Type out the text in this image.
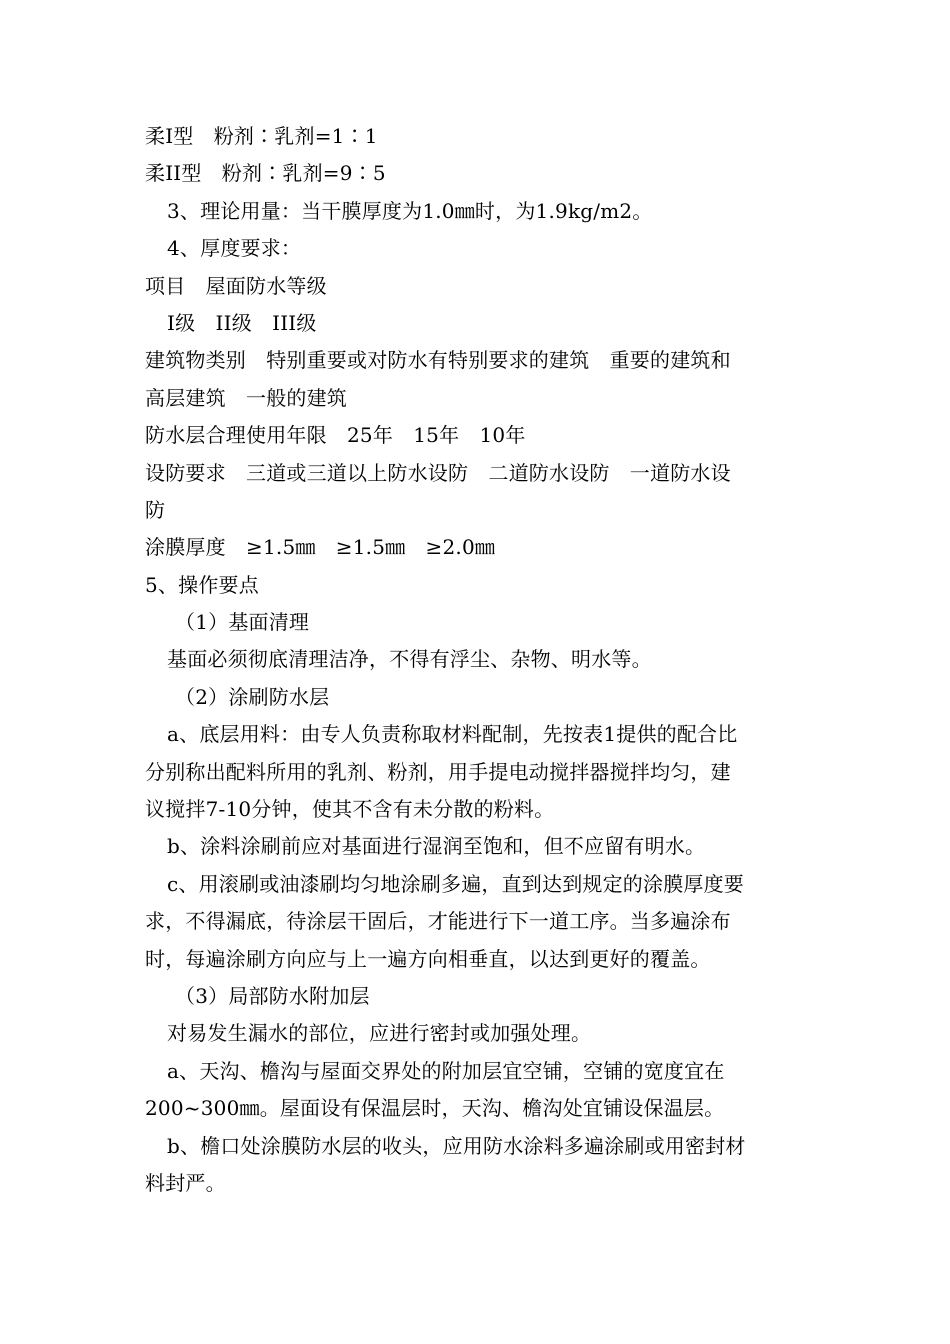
柔Ⅰ型　粉剂∶乳剂=1∶1
柔ⅠI型　粉剂∶乳剂=9∶5
3、理论用量：当干膜厚度为1.0㎜时，为1.9kg/m2。
4、厚度要求：
项目　屋面防水等级
Ⅰ级　ⅠI级　ⅠII级
建筑物类别　特别重要或对防水有特别要求的建筑　重要的建筑和
高层建筑　一般的建筑
防水层合理使用年限　25年　15年　10年
设防要求　三道或三道以上防水设防　二道防水设防　一道防水设
防
涂膜厚度　≥1.5㎜　≥1.5㎜　≥2.0㎜
5、操作要点
（1）基面清理
基面必须彻底清理洁净，不得有浮尘、杂物、明水等。
（2）涂刷防水层
a、底层用料：由专人负责称取材料配制，先按表1提供的配合比
分别称出配料所用的乳剂、粉剂，用手提电动搅拌器搅拌均匀，建
议搅拌7-10分钟，使其不含有未分散的粉料。
b、涂料涂刷前应对基面进行湿润至饱和，但不应留有明水。
c、用滚刷或油漆刷均匀地涂刷多遍，直到达到规定的涂膜厚度要
求，不得漏底，待涂层干固后，才能进行下一道工序。当多遍涂布
时，每遍涂刷方向应与上一遍方向相垂直，以达到更好的覆盖。
（3）局部防水附加层
对易发生漏水的部位，应进行密封或加强处理。
a、天沟、檐沟与屋面交界处的附加层宜空铺，空铺的宽度宜在
200~300㎜。屋面设有保温层时，天沟、檐沟处宜铺设保温层。
b、檐口处涂膜防水层的收头，应用防水涂料多遍涂刷或用密封材
料封严。
